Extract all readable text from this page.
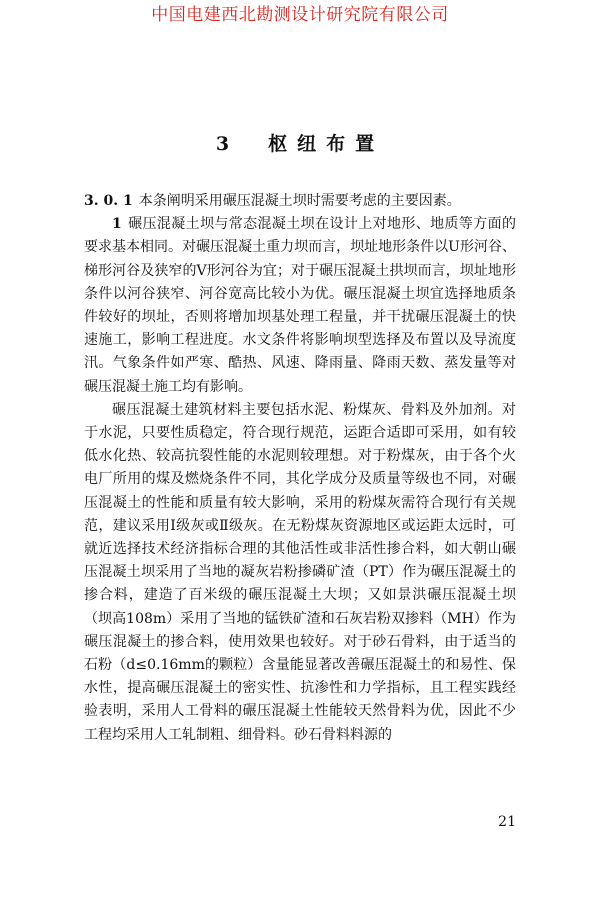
中国电建西北勘测设计研究院有限公司
3　枢纽布置

3. 0. 1 本条阐明采用碾压混凝土坝时需要考虑的主要因素。

1 碾压混凝土坝与常态混凝土坝在设计上对地形、地质等方面的要求基本相同。对碾压混凝土重力坝而言，坝址地形条件以U形河谷、梯形河谷及狭窄的V形河谷为宜；对于碾压混凝土拱坝而言，坝址地形条件以河谷狭窄、河谷宽高比较小为优。碾压混凝土坝宜选择地质条件较好的坝址，否则将增加坝基处理工程量，并干扰碾压混凝土的快速施工，影响工程进度。水文条件将影响坝型选择及布置以及导流度汛。气象条件如严寒、酷热、风速、降雨量、降雨天数、蒸发量等对碾压混凝土施工均有影响。

碾压混凝土建筑材料主要包括水泥、粉煤灰、骨料及外加剂。对于水泥，只要性质稳定，符合现行规范，运距合适即可采用，如有较低水化热、较高抗裂性能的水泥则较理想。对于粉煤灰，由于各个火电厂所用的煤及燃烧条件不同，其化学成分及质量等级也不同，对碾压混凝土的性能和质量有较大影响，采用的粉煤灰需符合现行有关规范，建议采用Ⅰ级灰或Ⅱ级灰。在无粉煤灰资源地区或运距太远时，可就近选择技术经济指标合理的其他活性或非活性掺合料，如大朝山碾压混凝土坝采用了当地的凝灰岩粉掺磷矿渣（PT）作为碾压混凝土的掺合料，建造了百米级的碾压混凝土大坝；又如景洪碾压混凝土坝（坝高108m）采用了当地的锰铁矿渣和石灰岩粉双掺料（MH）作为碾压混凝土的掺合料，使用效果也较好。对于砂石骨料，由于适当的石粉（d≤0.16mm的颗粒）含量能显著改善碾压混凝土的和易性、保水性，提高碾压混凝土的密实性、抗渗性和力学指标，且工程实践经验表明，采用人工骨料的碾压混凝土性能较天然骨料为优，因此不少工程均采用人工轧制粗、细骨料。砂石骨料料源的

21
